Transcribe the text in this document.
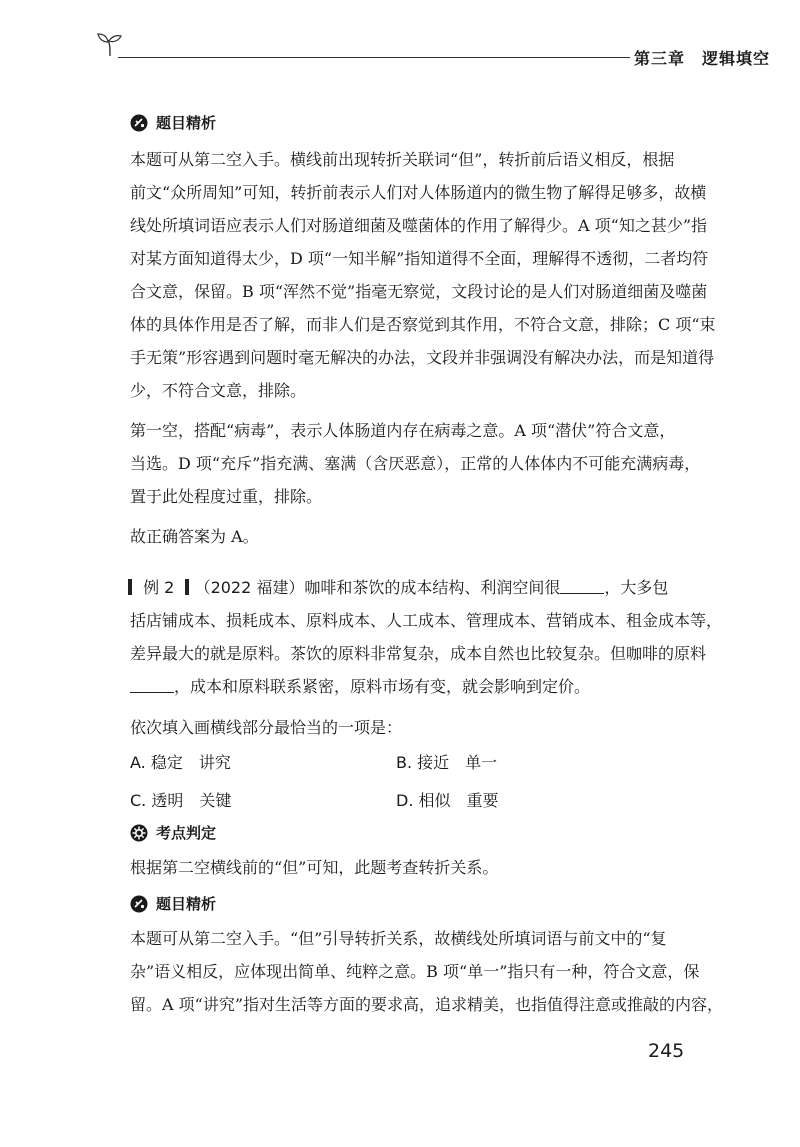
第三章　逻辑填空
题目精析
本题可从第二空入手。横线前出现转折关联词“但”，转折前后语义相反，根据
前文“众所周知”可知，转折前表示人们对人体肠道内的微生物了解得足够多，故横
线处所填词语应表示人们对肠道细菌及噬菌体的作用了解得少。A 项“知之甚少”指
对某方面知道得太少，D 项“一知半解”指知道得不全面，理解得不透彻，二者均符
合文意，保留。B 项“浑然不觉”指毫无察觉，文段讨论的是人们对肠道细菌及噬菌
体的具体作用是否了解，而非人们是否察觉到其作用，不符合文意，排除；C 项“束
手无策”形容遇到问题时毫无解决的办法，文段并非强调没有解决办法，而是知道得
少，不符合文意，排除。
第一空，搭配“病毒”，表示人体肠道内存在病毒之意。A 项“潜伏”符合文意，
当选。D 项“充斥”指充满、塞满（含厌恶意），正常的人体体内不可能充满病毒，
置于此处程度过重，排除。
故正确答案为 A。
例 2 （2022 福建）咖啡和茶饮的成本结构、利润空间很	，大多包
括店铺成本、损耗成本、原料成本、人工成本、管理成本、营销成本、租金成本等，
差异最大的就是原料。茶饮的原料非常复杂，成本自然也比较复杂。但咖啡的原料
，成本和原料联系紧密，原料市场有变，就会影响到定价。
依次填入画横线部分最恰当的一项是：
A. 稳定　讲究	B. 接近　单一
C. 透明　关键	D. 相似　重要
考点判定
根据第二空横线前的“但”可知，此题考查转折关系。
题目精析
本题可从第二空入手。“但”引导转折关系，故横线处所填词语与前文中的“复
杂”语义相反，应体现出简单、纯粹之意。B 项“单一”指只有一种，符合文意，保
留。A 项“讲究”指对生活等方面的要求高，追求精美，也指值得注意或推敲的内容，
245
